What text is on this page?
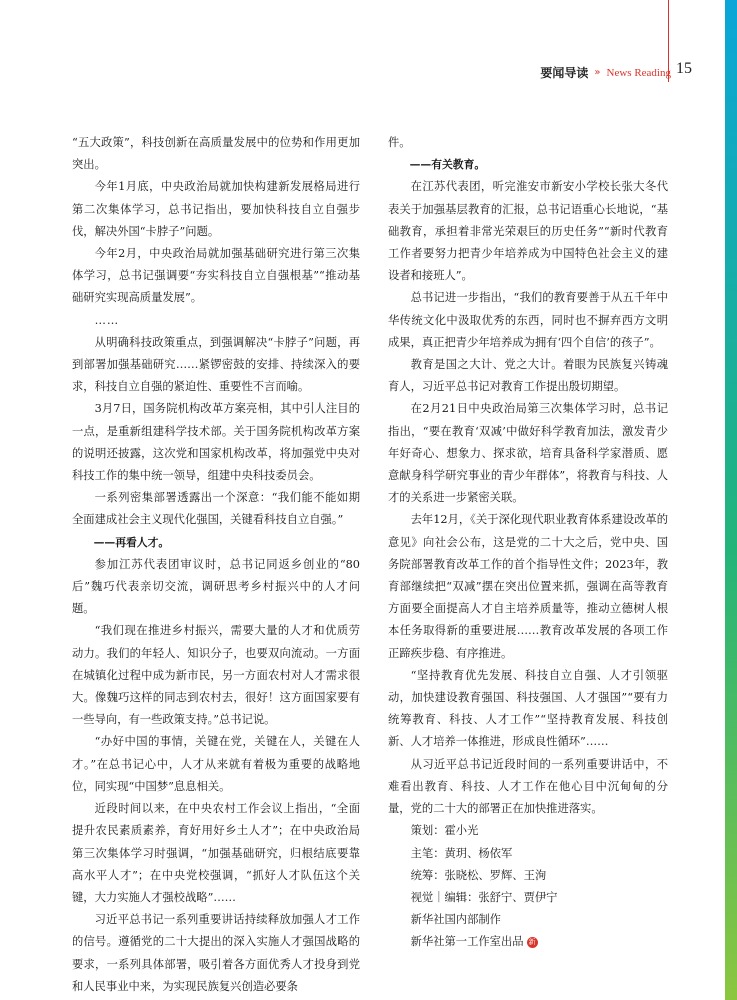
要闻导读 » News Reading 15

“五大政策”，科技创新在高质量发展中的位势和作用更加突出。

今年1月底，中央政治局就加快构建新发展格局进行第二次集体学习，总书记指出，要加快科技自立自强步伐，解决外国“卡脖子”问题。

今年2月，中央政治局就加强基础研究进行第三次集体学习，总书记强调要“夯实科技自立自强根基”“推动基础研究实现高质量发展”。

……

从明确科技政策重点，到强调解决“卡脖子”问题，再到部署加强基础研究……紧锣密鼓的安排、持续深入的要求，科技自立自强的紧迫性、重要性不言而喻。

3月7日，国务院机构改革方案亮相，其中引人注目的一点，是重新组建科学技术部。关于国务院机构改革方案的说明还披露，这次党和国家机构改革，将加强党中央对科技工作的集中统一领导，组建中央科技委员会。

一系列密集部署透露出一个深意：“我们能不能如期全面建成社会主义现代化强国，关键看科技自立自强。”

——再看人才。

参加江苏代表团审议时，总书记同返乡创业的“80后”魏巧代表亲切交流，调研思考乡村振兴中的人才问题。

“我们现在推进乡村振兴，需要大量的人才和优质劳动力。我们的年轻人、知识分子，也要双向流动。一方面在城镇化过程中成为新市民，另一方面农村对人才需求很大。像魏巧这样的同志到农村去，很好！这方面国家要有一些导向，有一些政策支持。”总书记说。

“办好中国的事情，关键在党，关键在人，关键在人才。”在总书记心中，人才从来就有着极为重要的战略地位，同实现“中国梦”息息相关。

近段时间以来，在中央农村工作会议上指出，“全面提升农民素质素养，育好用好乡土人才”；在中央政治局第三次集体学习时强调，“加强基础研究，归根结底要靠高水平人才”；在中央党校强调，“抓好人才队伍这个关键，大力实施人才强校战略”……

习近平总书记一系列重要讲话持续释放加强人才工作的信号。遵循党的二十大提出的深入实施人才强国战略的要求，一系列具体部署，吸引着各方面优秀人才投身到党和人民事业中来，为实现民族复兴创造必要条

件。

——有关教育。

在江苏代表团，听完淮安市新安小学校长张大冬代表关于加强基层教育的汇报，总书记语重心长地说，“基础教育，承担着非常光荣艰巨的历史任务”“新时代教育工作者要努力把青少年培养成为中国特色社会主义的建设者和接班人”。

总书记进一步指出，“我们的教育要善于从五千年中华传统文化中汲取优秀的东西，同时也不摒弃西方文明成果，真正把青少年培养成为拥有‘四个自信’的孩子”。

教育是国之大计、党之大计。着眼为民族复兴铸魂育人，习近平总书记对教育工作提出殷切期望。

在2月21日中央政治局第三次集体学习时，总书记指出，“要在教育‘双减’中做好科学教育加法，激发青少年好奇心、想象力、探求欲，培育具备科学家潜质、愿意献身科学研究事业的青少年群体”，将教育与科技、人才的关系进一步紧密关联。

去年12月，《关于深化现代职业教育体系建设改革的意见》向社会公布，这是党的二十大之后，党中央、国务院部署教育改革工作的首个指导性文件；2023年，教育部继续把“双减”摆在突出位置来抓，强调在高等教育方面要全面提高人才自主培养质量等，推动立德树人根本任务取得新的重要进展……教育改革发展的各项工作正蹄疾步稳、有序推进。

“坚持教育优先发展、科技自立自强、人才引领驱动，加快建设教育强国、科技强国、人才强国”“要有力统筹教育、科技、人才工作”“坚持教育发展、科技创新、人才培养一体推进，形成良性循环”……

从习近平总书记近段时间的一系列重要讲话中，不难看出教育、科技、人才工作在他心目中沉甸甸的分量，党的二十大的部署正在加快推进落实。

策划：霍小光

主笔：黄玥、杨依军

统筹：张晓松、罗辉、王洵

视觉｜编辑：张舒宁、贾伊宁

新华社国内部制作

新华社第一工作室出品 新
